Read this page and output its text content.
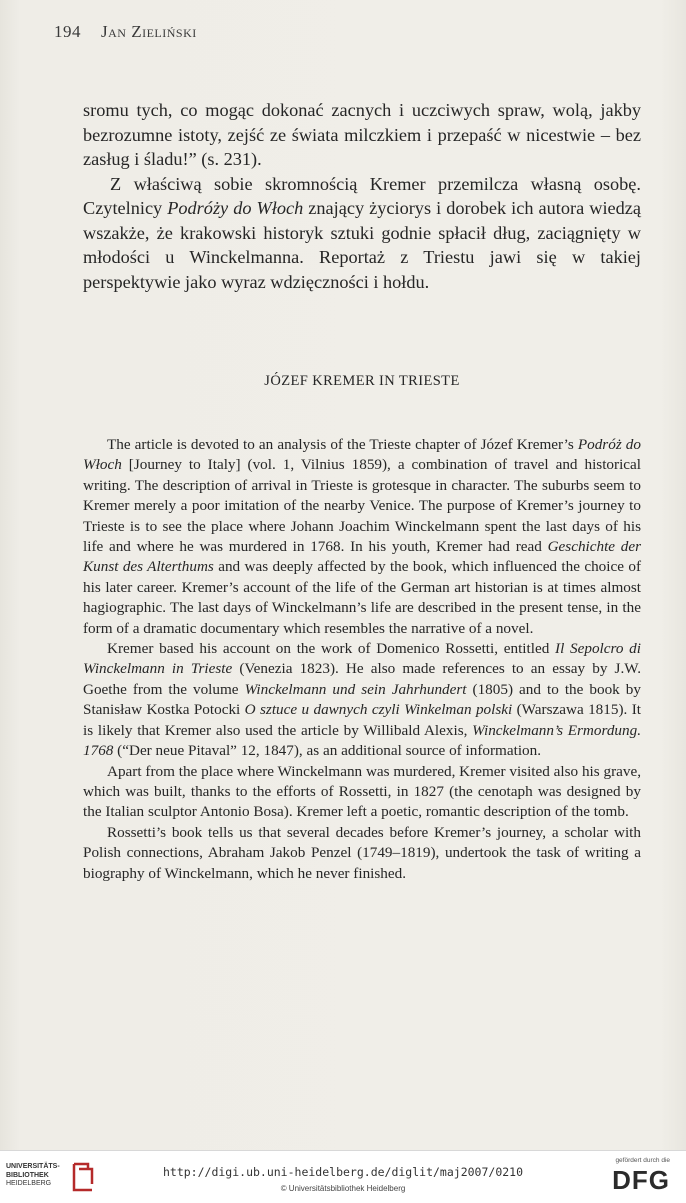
194 Jan Zieliński

sromu tych, co mogąc dokonać zacnych i uczciwych spraw, wolą, jakby bezrozumne istoty, zejść ze świata milczkiem i przepaść w nicestwie – bez zasług i śladu!” (s. 231).

Z właściwą sobie skromnością Kremer przemilcza własną osobę. Czytelnicy Podróży do Włoch znający życiorys i dorobek ich autora wiedzą wszakże, że krakowski historyk sztuki godnie spłacił dług, zaciągnięty w młodości u Winckelmanna. Reportaż z Triestu jawi się w takiej perspektywie jako wyraz wdzięczności i hołdu.

JÓZEF KREMER IN TRIESTE

The article is devoted to an analysis of the Trieste chapter of Józef Kremer’s Podróż do Włoch [Journey to Italy] (vol. 1, Vilnius 1859), a combination of travel and historical writing. The description of arrival in Trieste is grotesque in character. The suburbs seem to Kremer merely a poor imitation of the nearby Venice. The purpose of Kremer’s journey to Trieste is to see the place where Johann Joachim Winckelmann spent the last days of his life and where he was murdered in 1768. In his youth, Kremer had read Geschichte der Kunst des Alterthums and was deeply affected by the book, which influenced the choice of his later career. Kremer’s account of the life of the German art historian is at times almost hagiographic. The last days of Winckelmann’s life are described in the present tense, in the form of a dramatic documentary which resembles the narrative of a novel.

Kremer based his account on the work of Domenico Rossetti, entitled Il Sepolcro di Winckelmann in Trieste (Venezia 1823). He also made references to an essay by J.W. Goethe from the volume Winckelmann und sein Jahrhundert (1805) and to the book by Stanisław Kostka Potocki O sztuce u dawnych czyli Winkelman polski (Warszawa 1815). It is likely that Kremer also used the article by Willibald Alexis, Winckelmann’s Ermordung. 1768 (“Der neue Pitaval” 12, 1847), as an additional source of information.

Apart from the place where Winckelmann was murdered, Kremer visited also his grave, which was built, thanks to the efforts of Rossetti, in 1827 (the cenotaph was designed by the Italian sculptor Antonio Bosa). Kremer left a poetic, romantic description of the tomb.

Rossetti’s book tells us that several decades before Kremer’s journey, a scholar with Polish connections, Abraham Jakob Penzel (1749–1819), undertook the task of writing a biography of Winckelmann, which he never finished.

UNIVERSITÄTS-
BIBLIOTHEK
HEIDELBERG
http://digi.ub.uni-heidelberg.de/diglit/maj2007/0210
© Universitätsbibliothek Heidelberg
gefördert durch die
DFG
